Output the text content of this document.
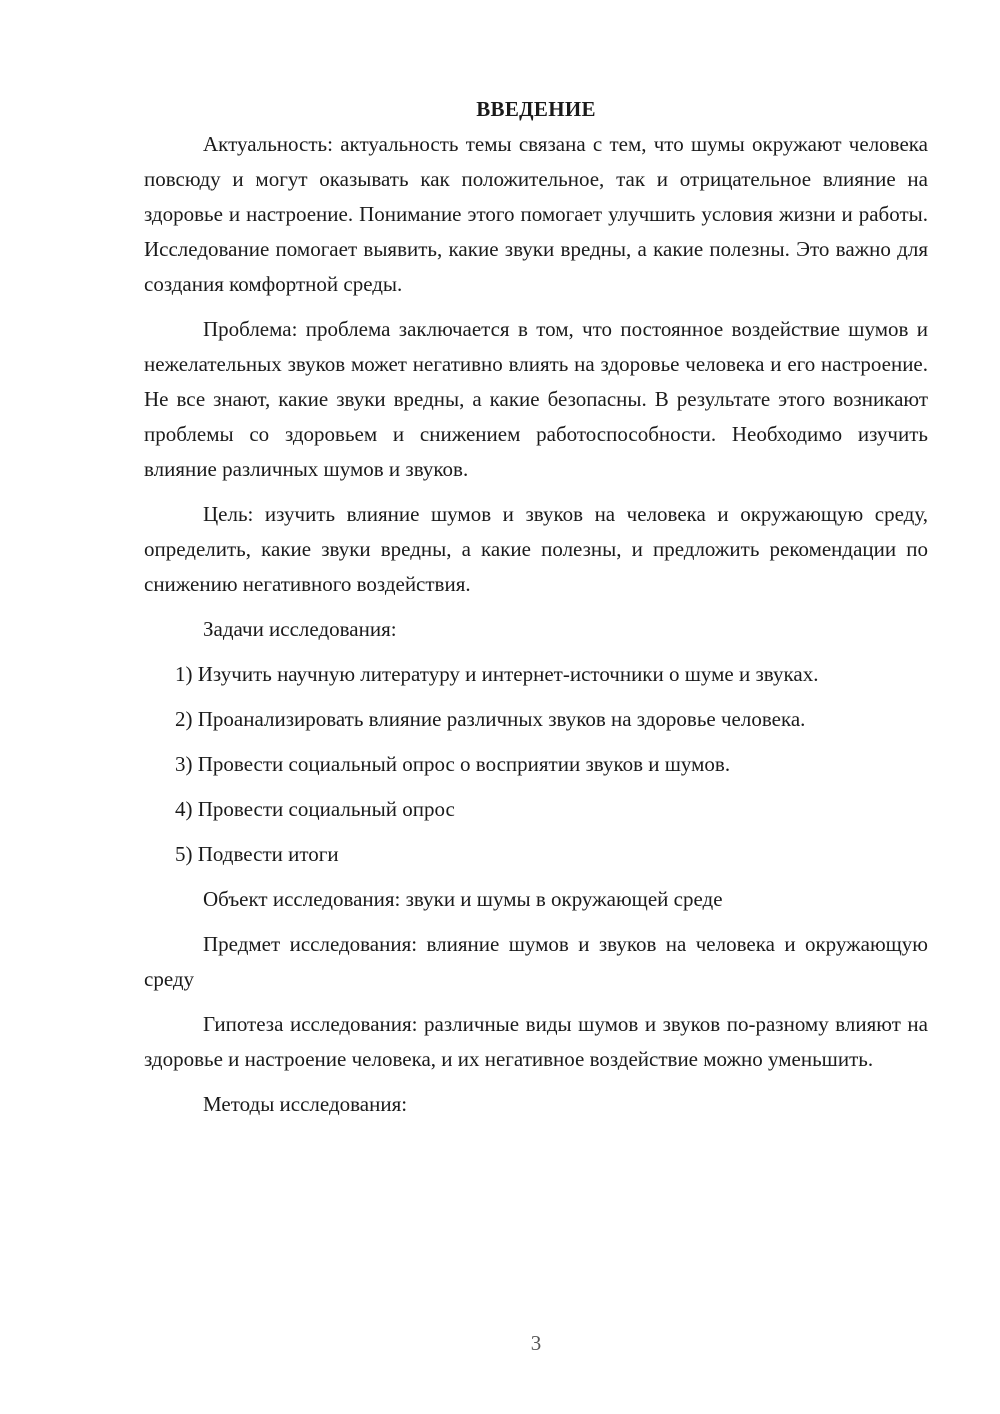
ВВЕДЕНИЕ

Актуальность: актуальность темы связана с тем, что шумы окружают человека повсюду и могут оказывать как положительное, так и отрицательное влияние на здоровье и настроение. Понимание этого помогает улучшить условия жизни и работы. Исследование помогает выявить, какие звуки вредны, а какие полезны. Это важно для создания комфортной среды.

Проблема: проблема заключается в том, что постоянное воздействие шумов и нежелательных звуков может негативно влиять на здоровье человека и его настроение. Не все знают, какие звуки вредны, а какие безопасны. В результате этого возникают проблемы со здоровьем и снижением работоспособности. Необходимо изучить влияние различных шумов и звуков.

Цель: изучить влияние шумов и звуков на человека и окружающую среду, определить, какие звуки вредны, а какие полезны, и предложить рекомендации по снижению негативного воздействия.

Задачи исследования:

1) Изучить научную литературу и интернет-источники о шуме и звуках.

2) Проанализировать влияние различных звуков на здоровье человека.

3) Провести социальный опрос о восприятии звуков и шумов.

4) Провести социальный опрос

5) Подвести итоги

Объект исследования: звуки и шумы в окружающей среде

Предмет исследования: влияние шумов и звуков на человека и окружающую среду

Гипотеза исследования: различные виды шумов и звуков по-разному влияют на здоровье и настроение человека, и их негативное воздействие можно уменьшить.

Методы исследования:

3
